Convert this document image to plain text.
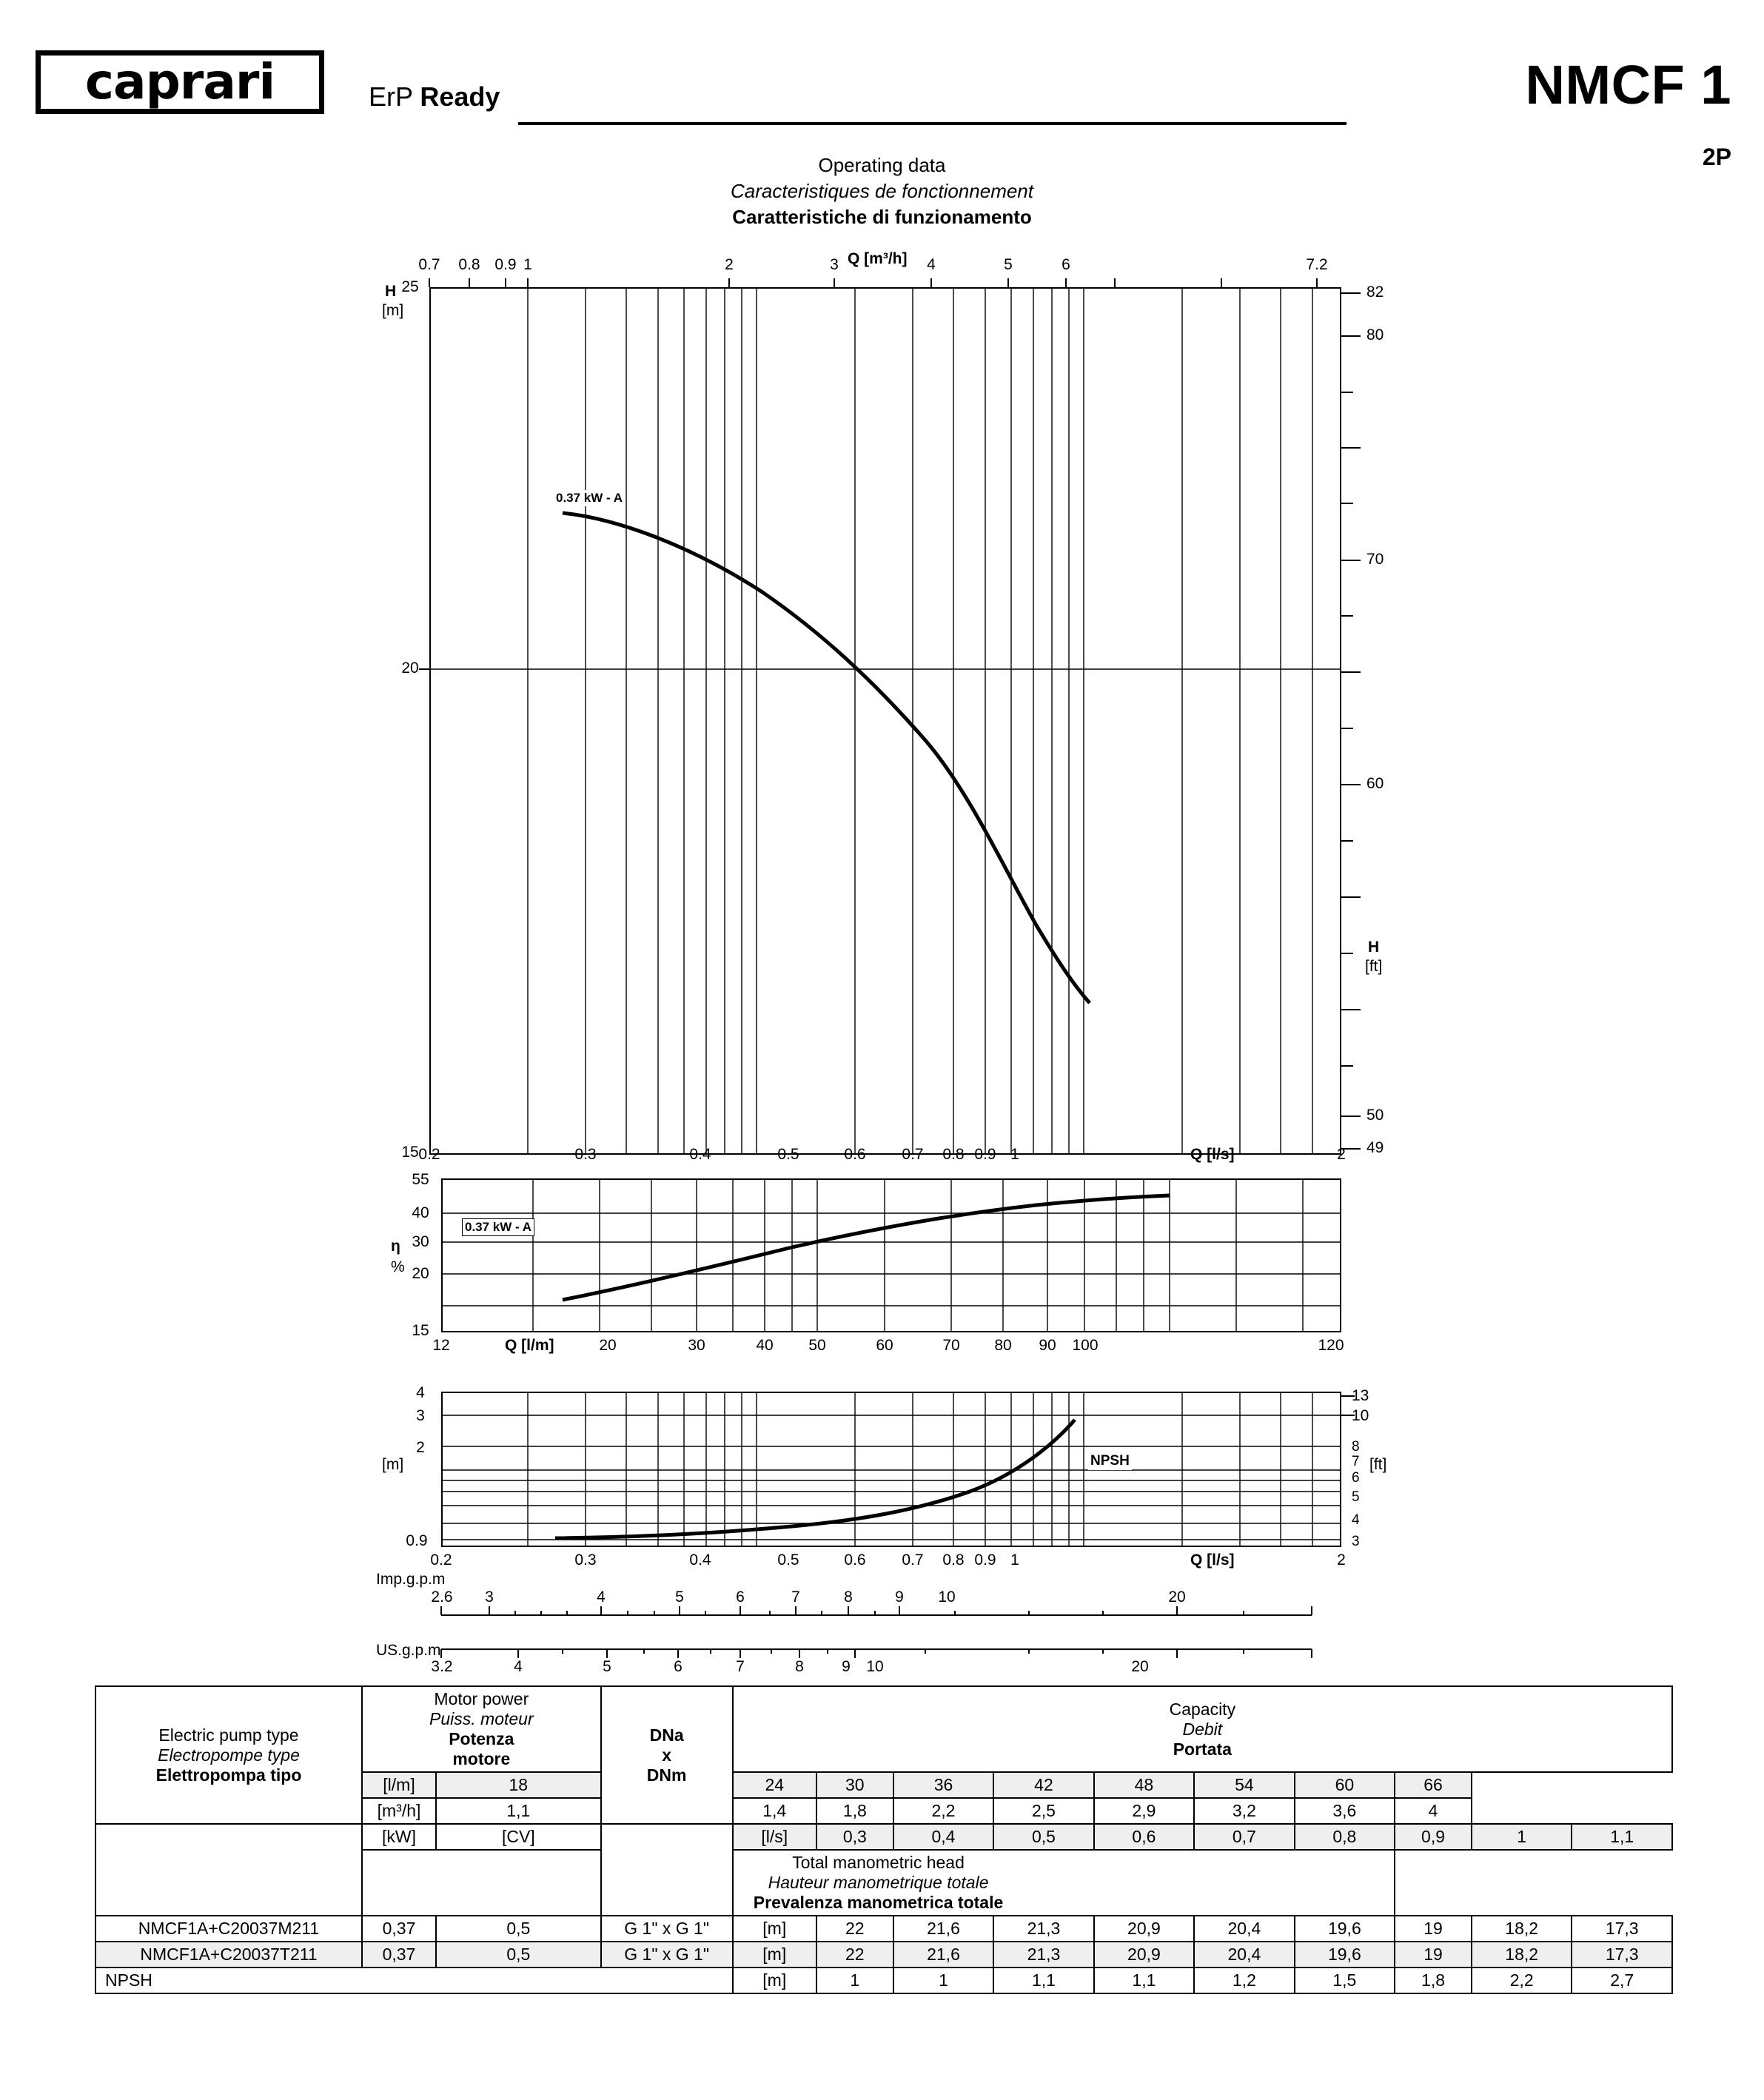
caprari	ErP Ready	NMCF 1
2P
Operating data
Caracteristiques de fonctionnement
Caratteristiche di funzionamento
Q [m³/h]
H
[m]
H
[ft]
0.7	0.8 0.9 1	2	3	4	5	6	7.2
25
20
15
82
80
70
60
50
49
0.2	0.3	0.4	0.5	0.6	0.7	0.8 0.9 1	2
Q [l/s]
0.37 kW - A
η
%
55
40
30
20
15
12	Q [l/m]	20	30	40	50	60	70	80	90	100	120
0.37 kW - A
[m]	[ft]
4
3
2
0.9
13
10
8
7
6
5
4
3
NPSH
0.2	0.3	0.4	0.5	0.6	0.7	0.8 0.9 1	2
Q [l/s]
Imp.g.p.m
US.g.p.m
2.6	3	4	5	6	7	8	9	10	20
3.2	4	5	6	7	8	9	10	20
Electric pump type
Electropompe type
Elettropompa tipo

Motor power
Puiss. moteur
Potenza
motore

DNa
x
DNm

Capacity
Debit
Portata

	[l/m]	18		24	30	36	42	48	54	60	66		
	[m³/h]	1,1		1,4	1,8	2,2	2,5	2,9	3,2	3,6	4		
	[kW]	[CV]		[l/s]	0,3	0,4	0,5	0,6	0,7	0,8	0,9	1	1,1

	Total manometric head
Hauteur manometrique totale
Prevalenza manometrica totale												

NMCF1A+C20037M211	0,37	0,5	G 1" x G 1"	[m]	22	21,6	21,3	20,9	20,4	19,6	19	18,2	17,3
NMCF1A+C20037T211	0,37	0,5	G 1" x G 1"	[m]	22	21,6	21,3	20,9	20,4	19,6	19	18,2	17,3
NPSH				[m]	1	1	1,1	1,1	1,2	1,5	1,8	2,2	2,7
